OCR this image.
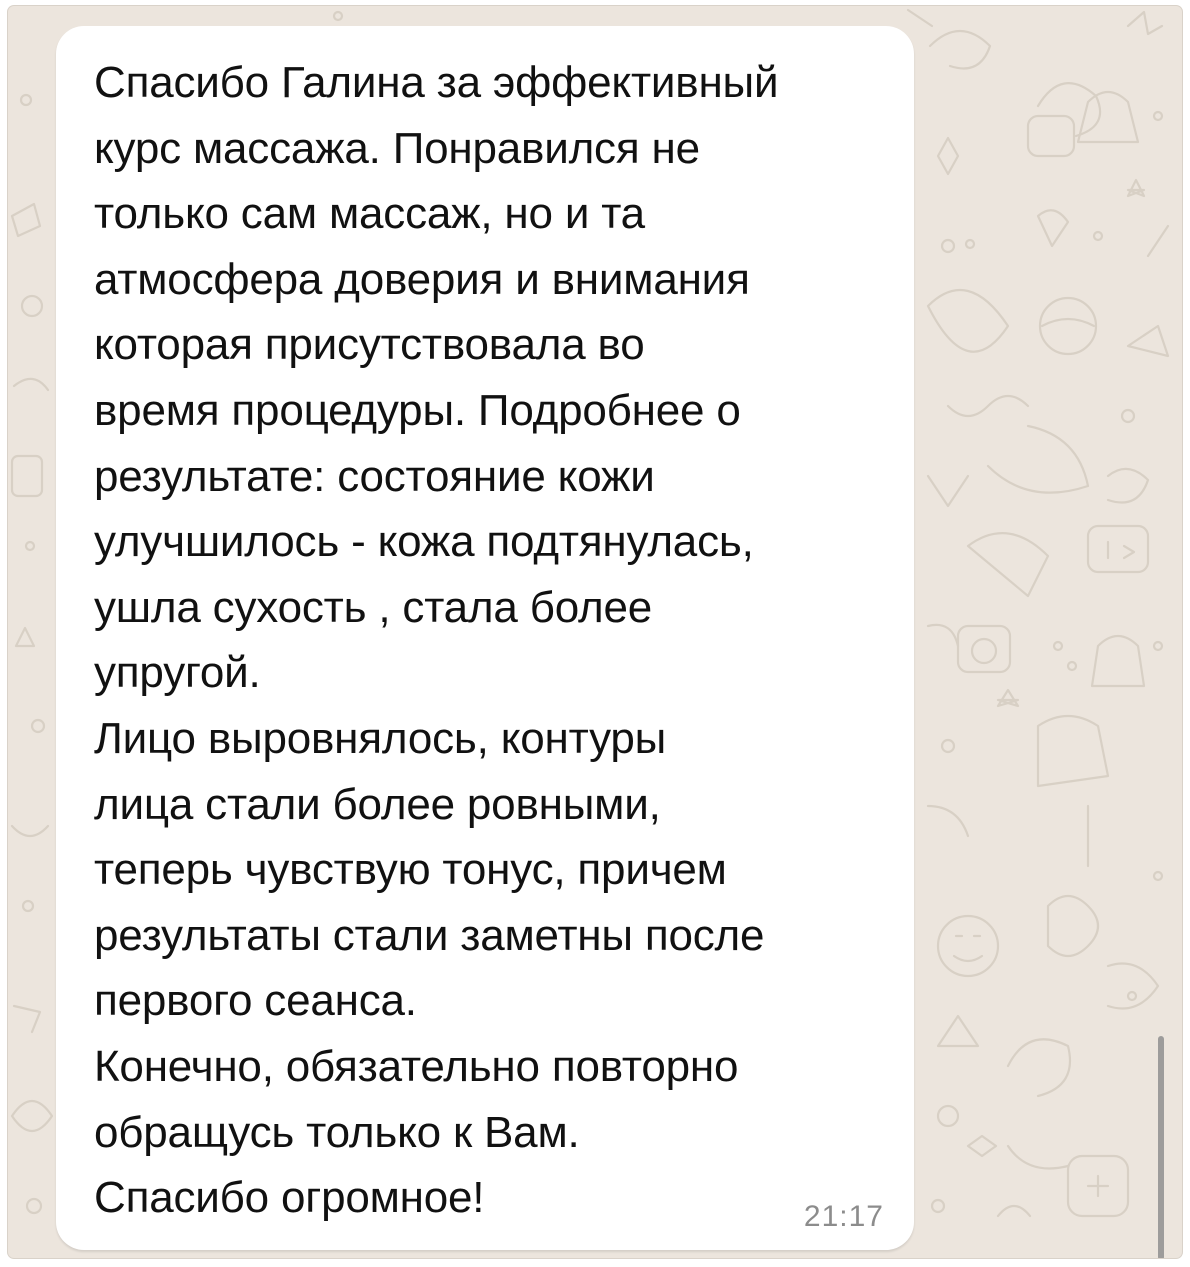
Спасибо Галина за эффективный
курс массажа. Понравился не
только сам массаж, но и та
атмосфера доверия и внимания
которая присутствовала во
время процедуры. Подробнее о
результате: состояние кожи
улучшилось - кожа подтянулась,
ушла сухость , стала более
упругой.
Лицо выровнялось, контуры
лица стали более ровными,
теперь чувствую тонус, причем
результаты стали заметны после
первого сеанса.
Конечно, обязательно повторно
обращусь только к Вам.
Спасибо огромное!	21:17
